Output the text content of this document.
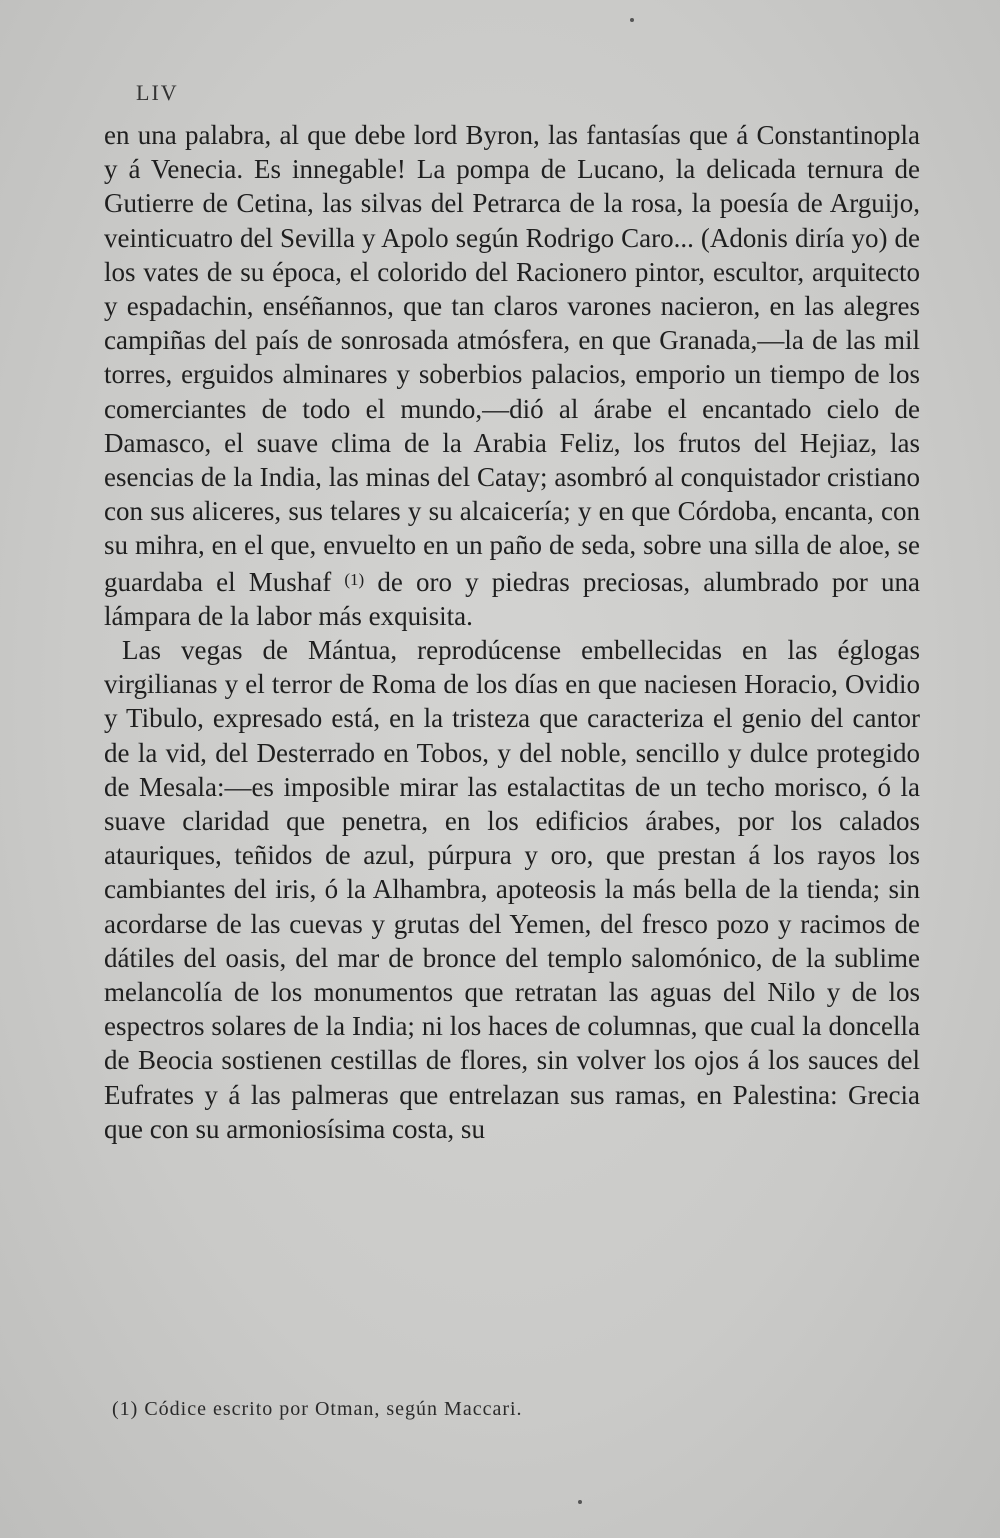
LIV

en una palabra, al que debe lord Byron, las fantasías que á Constantinopla y á Venecia. Es innegable! La pompa de Lucano, la delicada ternura de Gutierre de Cetina, las silvas del Petrarca de la rosa, la poesía de Arguijo, veinticuatro del Sevilla y Apolo según Rodrigo Caro... (Adonis diría yo) de los vates de su época, el colorido del Racionero pintor, escultor, arquitecto y espadachin, enséñannos, que tan claros varones nacieron, en las alegres campiñas del país de sonrosada atmósfera, en que Granada,—la de las mil torres, erguidos alminares y soberbios palacios, emporio un tiempo de los comerciantes de todo el mundo,—dió al árabe el encantado cielo de Damasco, el suave clima de la Arabia Feliz, los frutos del Hejiaz, las esencias de la India, las minas del Catay; asombró al conquistador cristiano con sus aliceres, sus telares y su alcaicería; y en que Córdoba, encanta, con su mihra, en el que, envuelto en un paño de seda, sobre una silla de aloe, se guardaba el Mushaf $^{(1)}$ de oro y piedras preciosas, alumbrado por una lámpara de la labor más exquisita.

Las vegas de Mántua, reprodúcense embellecidas en las églogas virgilianas y el terror de Roma de los días en que naciesen Horacio, Ovidio y Tibulo, expresado está, en la tristeza que caracteriza el genio del cantor de la vid, del Desterrado en Tobos, y del noble, sencillo y dulce protegido de Mesala:—es imposible mirar las estalactitas de un techo morisco, ó la suave claridad que penetra, en los edificios árabes, por los calados atauriques, teñidos de azul, púrpura y oro, que prestan á los rayos los cambiantes del iris, ó la Alhambra, apoteosis la más bella de la tienda; sin acordarse de las cuevas y grutas del Yemen, del fresco pozo y racimos de dátiles del oasis, del mar de bronce del templo salomónico, de la sublime melancolía de los monumentos que retratan las aguas del Nilo y de los espectros solares de la India; ni los haces de columnas, que cual la doncella de Beocia sostienen cestillas de flores, sin volver los ojos á los sauces del Eufrates y á las palmeras que entrelazan sus ramas, en Palestina: Grecia que con su armoniosísima costa, su

(1) Códice escrito por Otman, según Maccari.
